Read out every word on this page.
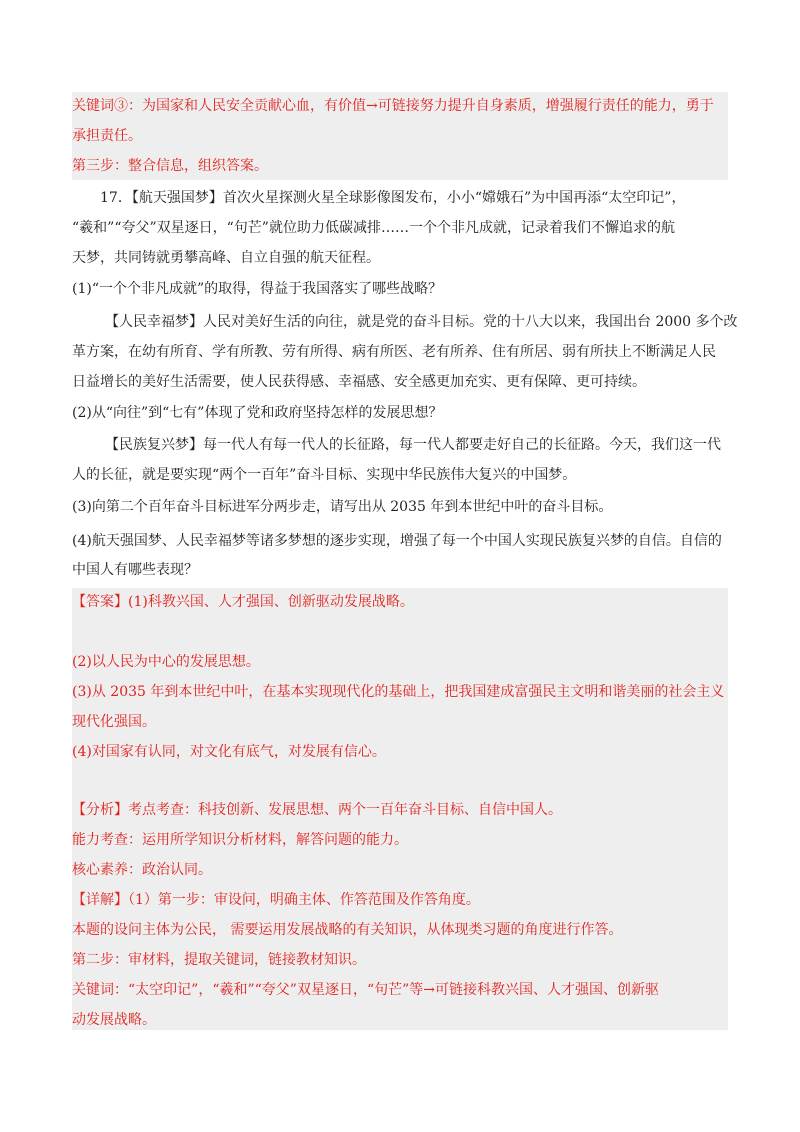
关键词③：为国家和人民安全贡献心血，有价值→可链接努力提升自身素质，增强履行责任的能力，勇于
承担责任。
第三步：整合信息，组织答案。
17．【航天强国梦】首次火星探测火星全球影像图发布，小小“嫦娥石”为中国再添“太空印记”，
“羲和”“夸父”双星逐日，“句芒”就位助力低碳减排……一个个非凡成就，记录着我们不懈追求的航
天梦，共同铸就勇攀高峰、自立自强的航天征程。
(1)“一个个非凡成就”的取得，得益于我国落实了哪些战略？
【人民幸福梦】人民对美好生活的向往，就是党的奋斗目标。党的十八大以来，我国出台 2000 多个改
革方案，在幼有所育、学有所教、劳有所得、病有所医、老有所养、住有所居、弱有所扶上不断满足人民
日益增长的美好生活需要，使人民获得感、幸福感、安全感更加充实、更有保障、更可持续。
(2)从“向往”到“七有”体现了党和政府坚持怎样的发展思想？
【民族复兴梦】每一代人有每一代人的长征路，每一代人都要走好自己的长征路。今天，我们这一代
人的长征，就是要实现“两个一百年”奋斗目标、实现中华民族伟大复兴的中国梦。
(3)向第二个百年奋斗目标进军分两步走，请写出从 2035 年到本世纪中叶的奋斗目标。
(4)航天强国梦、人民幸福梦等诸多梦想的逐步实现，增强了每一个中国人实现民族复兴梦的自信。自信的
中国人有哪些表现？
【答案】(1)科教兴国、人才强国、创新驱动发展战略。
(2)以人民为中心的发展思想。
(3)从 2035 年到本世纪中叶，在基本实现现代化的基础上，把我国建成富强民主文明和谐美丽的社会主义
现代化强国。
(4)对国家有认同，对文化有底气，对发展有信心。
【分析】考点考查：科技创新、发展思想、两个一百年奋斗目标、自信中国人。
能力考查：运用所学知识分析材料，解答问题的能力。
核心素养：政治认同。
【详解】（1）第一步：审设问，明确主体、作答范围及作答角度。
本题的设问主体为公民， 需要运用发展战略的有关知识，从体现类习题的角度进行作答。
第二步：审材料，提取关键词，链接教材知识。
关键词：“太空印记”，“羲和”“夸父”双星逐日，“句芒”等→可链接科教兴国、人才强国、创新驱
动发展战略。
